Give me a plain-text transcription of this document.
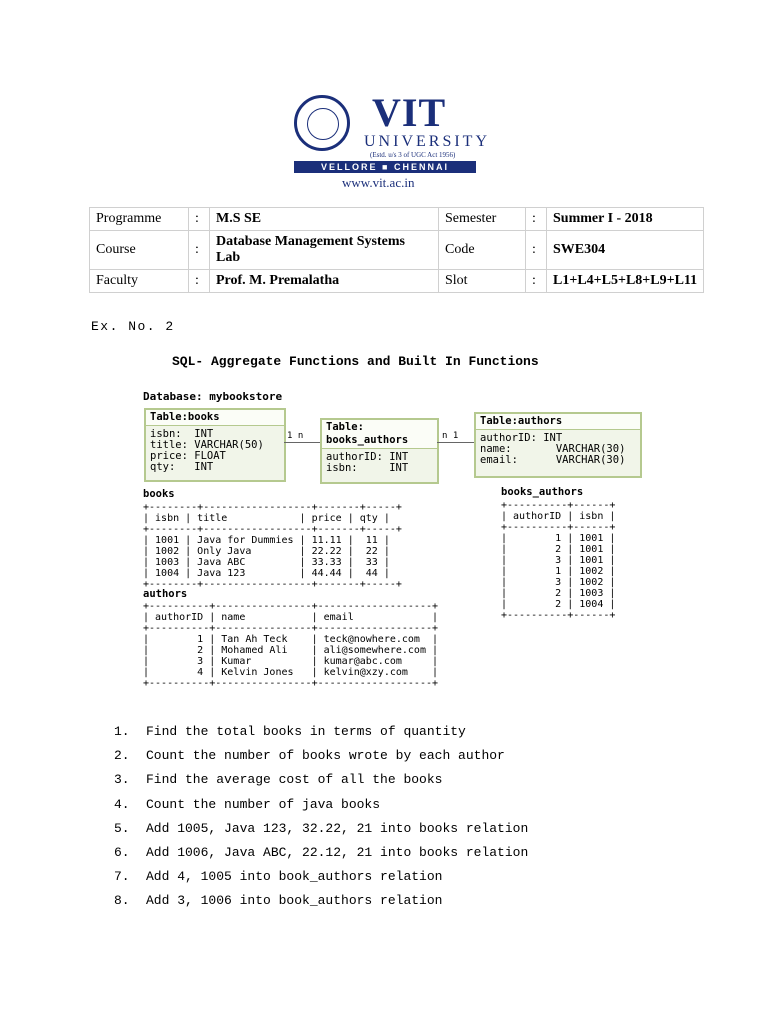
VIT
UNIVERSITY
(Estd. u/s 3 of UGC Act 1956)
VELLORE ■ CHENNAI
www.vit.ac.in
Programme	:	M.S SE	Semester	:	Summer I - 2018
Course	:	Database Management Systems Lab	Code	:	SWE304
Faculty	:	Prof. M. Premalatha	Slot	:	L1+L4+L5+L8+L9+L11
Ex. No. 2
SQL- Aggregate Functions and Built In Functions
Database: mybookstore
Table:books
isbn:  INT
title: VARCHAR(50)
price: FLOAT
qty:   INT
1 n
Table:
books_authors
authorID: INT
isbn:     INT
n 1
Table:authors
authorID: INT
name:       VARCHAR(30)
email:      VARCHAR(30)
books
+--------+------------------+-------+-----+
| isbn | title            | price | qty |
+--------+------------------+-------+-----+
| 1001 | Java for Dummies | 11.11 |  11 |
| 1002 | Only Java        | 22.22 |  22 |
| 1003 | Java ABC         | 33.33 |  33 |
| 1004 | Java 123         | 44.44 |  44 |
+--------+------------------+-------+-----+
books_authors
+----------+------+
| authorID | isbn |
+----------+------+
|        1 | 1001 |
|        2 | 1001 |
|        3 | 1001 |
|        1 | 1002 |
|        3 | 1002 |
|        2 | 1003 |
|        2 | 1004 |
+----------+------+
authors
+----------+----------------+-------------------+
| authorID | name           | email             |
+----------+----------------+-------------------+
|        1 | Tan Ah Teck    | teck@nowhere.com  |
|        2 | Mohamed Ali    | ali@somewhere.com |
|        3 | Kumar          | kumar@abc.com     |
|        4 | Kelvin Jones   | kelvin@xzy.com    |
+----------+----------------+-------------------+
1. Find the total books in terms of quantity
2. Count the number of books wrote by each author
3. Find the average cost of all the books
4. Count the number of java books
5. Add 1005, Java 123, 32.22, 21 into books relation
6. Add 1006, Java ABC, 22.12, 21 into books relation
7. Add 4, 1005 into book_authors relation
8. Add 3, 1006 into book_authors relation
